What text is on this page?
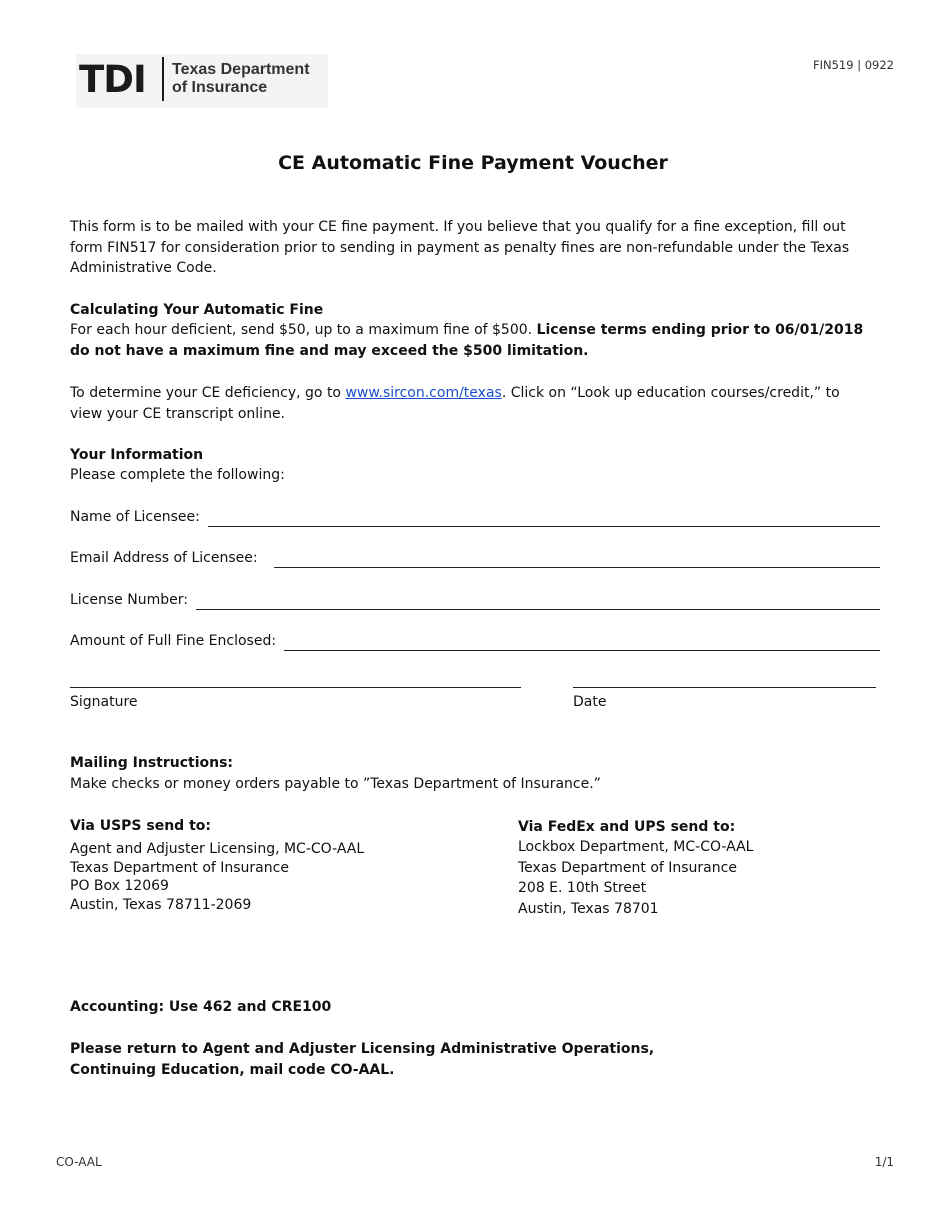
TDI Texas Department
of Insurance
FIN519 | 0922
CE Automatic Fine Payment Voucher
This form is to be mailed with your CE fine payment. If you believe that you qualify for a fine exception, fill out form FIN517 for consideration prior to sending in payment as penalty fines are non-refundable under the Texas Administrative Code.
Calculating Your Automatic Fine
For each hour deficient, send $50, up to a maximum fine of $500. License terms ending prior to 06/01/2018 do not have a maximum fine and may exceed the $500 limitation.
To determine your CE deficiency, go to www.sircon.com/texas. Click on “Look up education courses/credit,” to view your CE transcript online.
Your Information
Please complete the following:
Name of Licensee:
Email Address of Licensee:
License Number:
Amount of Full Fine Enclosed:
Signature	Date
Mailing Instructions:
Make checks or money orders payable to ”Texas Department of Insurance.”
Via USPS send to:
Agent and Adjuster Licensing, MC-CO-AAL
Texas Department of Insurance
PO Box 12069
Austin, Texas 78711-2069
Via FedEx and UPS send to:
Lockbox Department, MC-CO-AAL
Texas Department of Insurance
208 E. 10th Street
Austin, Texas 78701
Accounting: Use 462 and CRE100
Please return to Agent and Adjuster Licensing Administrative Operations, Continuing Education, mail code CO-AAL.
CO-AAL	1/1
